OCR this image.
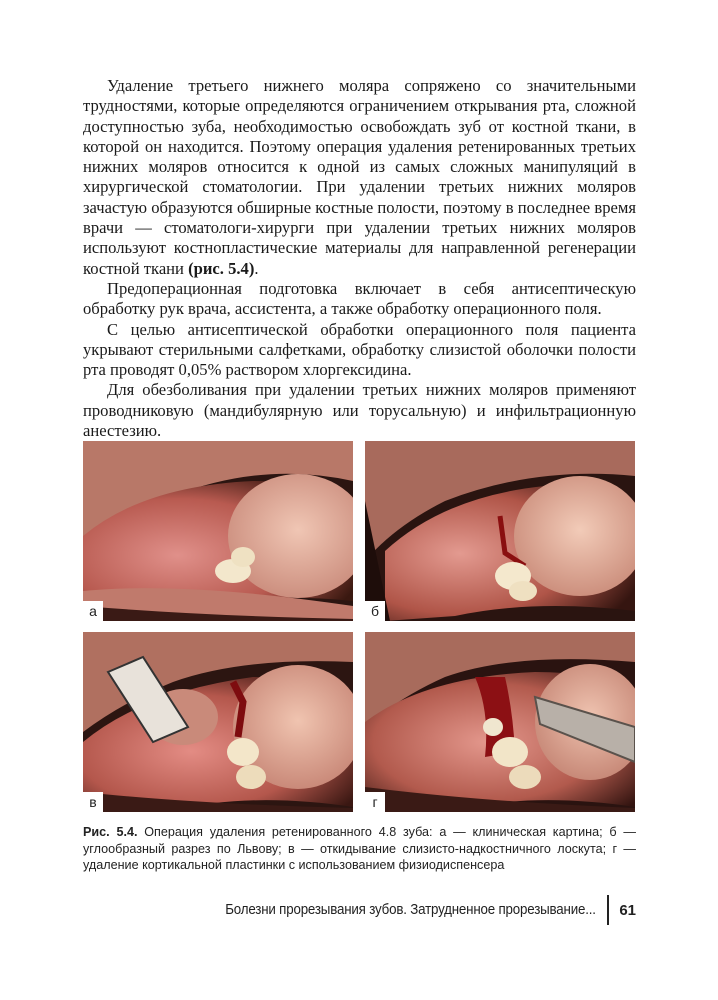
Удаление третьего нижнего моляра сопряжено со значительными трудностями, которые определяются ограничением открывания рта, сложной доступностью зуба, необходимостью освобождать зуб от костной ткани, в которой он находится. Поэтому операция удаления ретенированных третьих нижних моляров относится к одной из самых сложных манипуляций в хирургической стоматологии. При удалении третьих нижних моляров зачастую образуются обширные костные полости, поэтому в последнее время врачи — стоматологи-хирурги при удалении третьих нижних моляров используют костнопластические материалы для направленной регенерации костной ткани (рис. 5.4).

Предоперационная подготовка включает в себя антисептическую обработку рук врача, ассистента, а также обработку операционного поля.

С целью антисептической обработки операционного поля пациента укрывают стерильными салфетками, обработку слизистой оболочки полости рта проводят 0,05% раствором хлоргексидина.

Для обезболивания при удалении третьих нижних моляров применяют проводниковую (мандибулярную или торусальную) и инфильтрационную анестезию.

а	б
в	г
Рис. 5.4. Операция удаления ретенированного 4.8 зуба: а — клиническая картина; б — углообразный разрез по Львову; в — откидывание слизисто-надкостничного лоскута; г — удаление кортикальной пластинки с использованием физиодиспенсера
Болезни прорезывания зубов. Затрудненное прорезывание... 61
